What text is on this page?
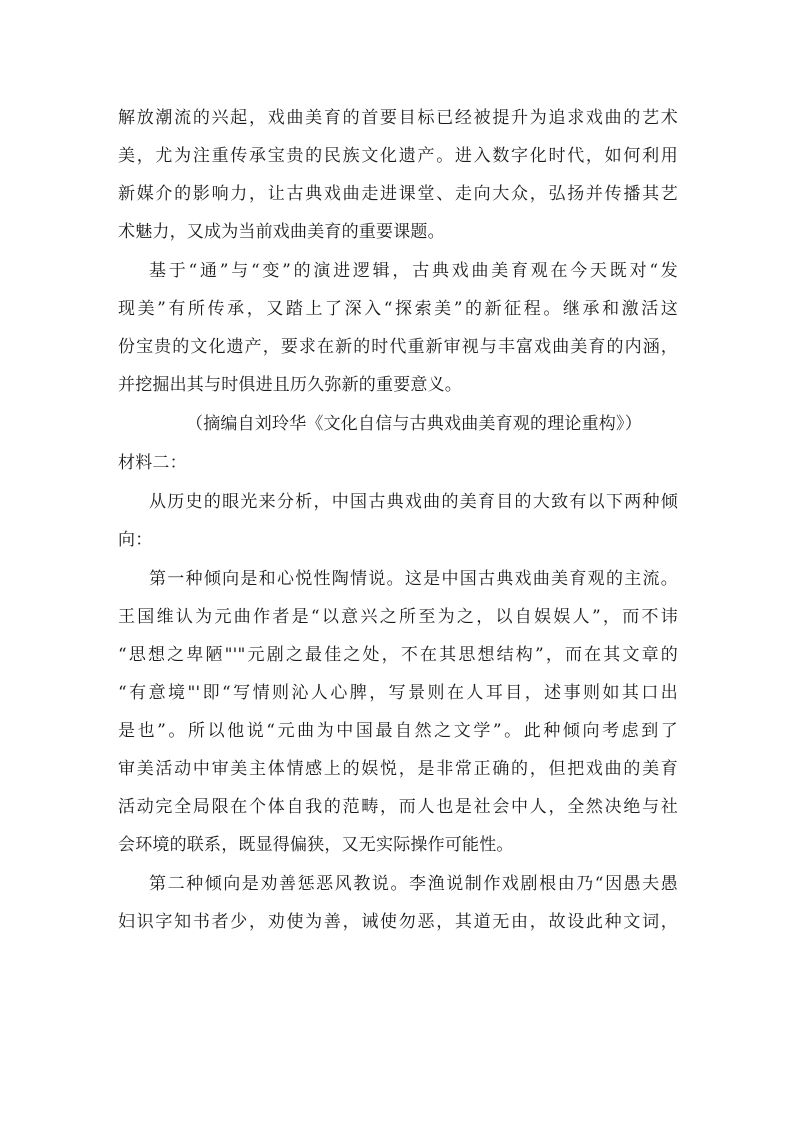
解放潮流的兴起，戏曲美育的首要目标已经被提升为追求戏曲的艺术
美，尤为注重传承宝贵的民族文化遗产。进入数字化时代，如何利用
新媒介的影响力，让古典戏曲走进课堂、走向大众，弘扬并传播其艺
术魅力，又成为当前戏曲美育的重要课题。
基于“通”与“变”的演进逻辑，古典戏曲美育观在今天既对“发
现美”有所传承，又踏上了深入“探索美”的新征程。继承和激活这
份宝贵的文化遗产，要求在新的时代重新审视与丰富戏曲美育的内涵，
并挖掘出其与时俱进且历久弥新的重要意义。
（摘编自刘玲华《文化自信与古典戏曲美育观的理论重构》）
材料二：
从历史的眼光来分析，中国古典戏曲的美育目的大致有以下两种倾
向：
第一种倾向是和心悦性陶情说。这是中国古典戏曲美育观的主流。
王国维认为元曲作者是“以意兴之所至为之，以自娱娱人”，而不讳
“思想之卑陋"'"元剧之最佳之处，不在其思想结构”，而在其文章的
“有意境"'即“写情则沁人心脾，写景则在人耳目，述事则如其口出
是也”。所以他说“元曲为中国最自然之文学”。此种倾向考虑到了
审美活动中审美主体情感上的娱悦，是非常正确的，但把戏曲的美育
活动完全局限在个体自我的范畴，而人也是社会中人，全然决绝与社
会环境的联系，既显得偏狭，又无实际操作可能性。
第二种倾向是劝善惩恶风教说。李渔说制作戏剧根由乃“因愚夫愚
妇识字知书者少，劝使为善，诫使勿恶，其道无由，故设此种文词，
